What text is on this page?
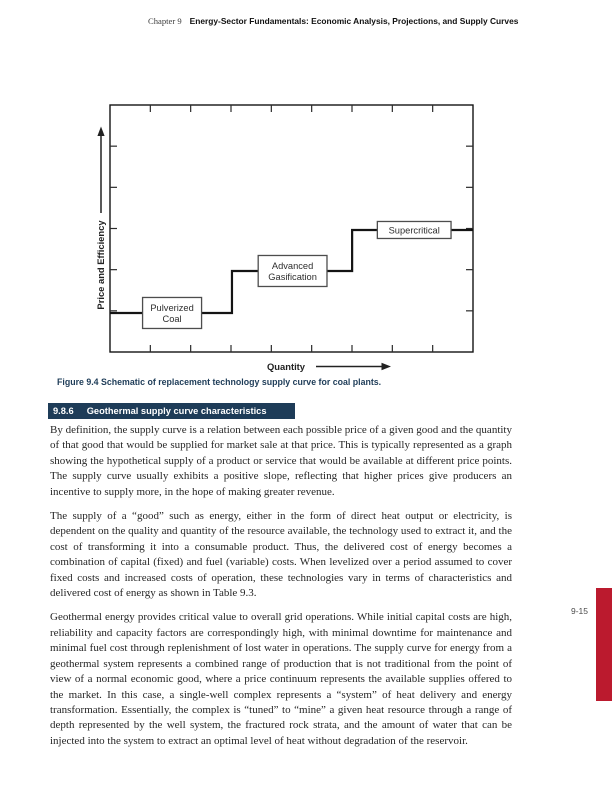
Chapter 9 Energy-Sector Fundamentals: Economic Analysis, Projections, and Supply Curves
Pulverized
Coal
Advanced
Gasification
Supercritical
Price and Efficiency
Quantity
Figure 9.4 Schematic of replacement technology supply curve for coal plants.
9.8.6 Geothermal supply curve characteristics

By definition, the supply curve is a relation between each possible price of a given good and the quantity of that good that would be supplied for market sale at that price. This is typically represented as a graph showing the hypothetical supply of a product or service that would be available at different price points. The supply curve usually exhibits a positive slope, reflecting that higher prices give producers an incentive to supply more, in the hope of making greater revenue.

The supply of a “good” such as energy, either in the form of direct heat output or electricity, is dependent on the quality and quantity of the resource available, the technology used to extract it, and the cost of transforming it into a consumable product. Thus, the delivered cost of energy becomes a combination of capital (fixed) and fuel (variable) costs. When levelized over a period assumed to cover fixed costs and increased costs of operation, these technologies vary in terms of characteristics and delivered cost of energy as shown in Table 9.3.

Geothermal energy provides critical value to overall grid operations. While initial capital costs are high, reliability and capacity factors are correspondingly high, with minimal downtime for maintenance and minimal fuel cost through replenishment of lost water in operations. The supply curve for energy from a geothermal system represents a combined range of production that is not traditional from the point of view of a normal economic good, where a price continuum represents the available supplies offered to the market. In this case, a single-well complex represents a “system” of heat delivery and energy transformation. Essentially, the complex is “tuned” to “mine” a given heat resource through a range of depth represented by the well system, the fractured rock strata, and the amount of water that can be injected into the system to extract an optimal level of heat without degradation of the reservoir.

9-15
